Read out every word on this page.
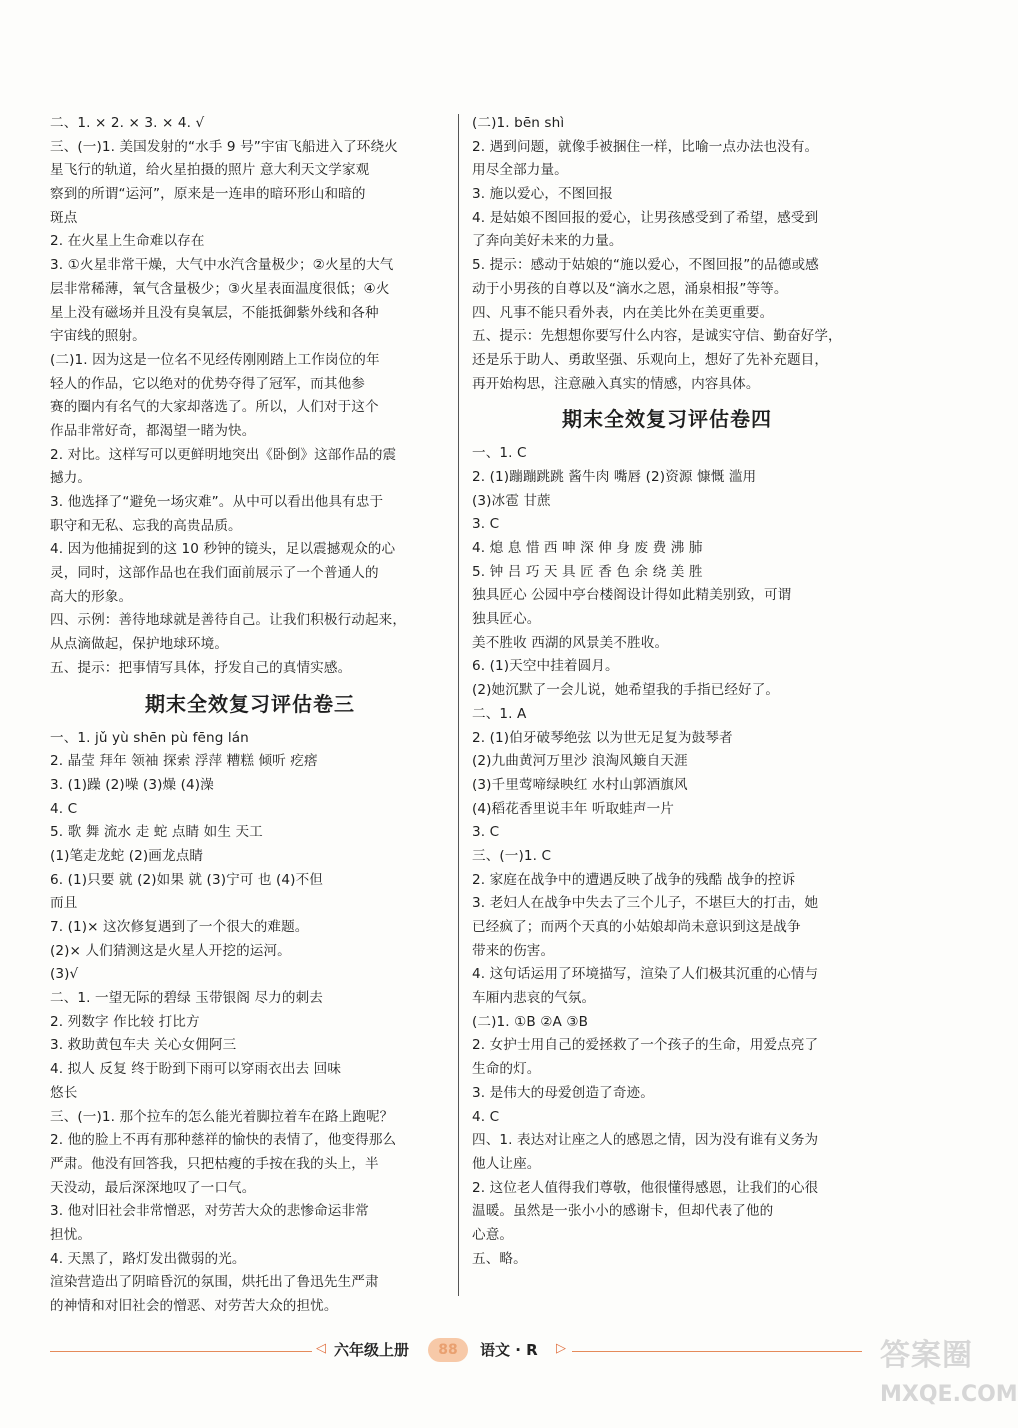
二、1. × 2. × 3. × 4. √
三、(一)1. 美国发射的“水手 9 号”宇宙飞船进入了环绕火
星飞行的轨道，给火星拍摄的照片 意大利天文学家观
察到的所谓“运河”，原来是一连串的暗环形山和暗的
斑点
2. 在火星上生命难以存在
3. ①火星非常干燥，大气中水汽含量极少；②火星的大气
层非常稀薄，氧气含量极少；③火星表面温度很低；④火
星上没有磁场并且没有臭氧层，不能抵御紫外线和各种
宇宙线的照射。
(二)1. 因为这是一位名不见经传刚刚踏上工作岗位的年
轻人的作品，它以绝对的优势夺得了冠军，而其他参
赛的圈内有名气的大家却落选了。所以，人们对于这个
作品非常好奇，都渴望一睹为快。
2. 对比。这样写可以更鲜明地突出《卧倒》这部作品的震
撼力。
3. 他选择了“避免一场灾难”。从中可以看出他具有忠于
职守和无私、忘我的高贵品质。
4. 因为他捕捉到的这 10 秒钟的镜头，足以震撼观众的心
灵，同时，这部作品也在我们面前展示了一个普通人的
高大的形象。
四、示例：善待地球就是善待自己。让我们积极行动起来，
从点滴做起，保护地球环境。
五、提示：把事情写具体，抒发自己的真情实感。
期末全效复习评估卷三
一、1. jǔ yù shēn pù fēng lán
2. 晶莹 拜年 领袖 探索 浮萍 糟糕 倾听 疙瘩
3. (1)躁 (2)噪 (3)燥 (4)澡
4. C
5. 歌 舞 流水 走 蛇 点睛 如生 天工
(1)笔走龙蛇 (2)画龙点睛
6. (1)只要 就 (2)如果 就 (3)宁可 也 (4)不但
而且
7. (1)× 这次修复遇到了一个很大的难题。
(2)× 人们猜测这是火星人开挖的运河。
(3)√
二、1. 一望无际的碧绿 玉带银阁 尽力的刺去
2. 列数字 作比较 打比方
3. 救助黄包车夫 关心女佣阿三
4. 拟人 反复 终于盼到下雨可以穿雨衣出去 回味
悠长
三、(一)1. 那个拉车的怎么能光着脚拉着车在路上跑呢？
2. 他的脸上不再有那种慈祥的愉快的表情了，他变得那么
严肃。他没有回答我，只把枯瘦的手按在我的头上，半
天没动，最后深深地叹了一口气。
3. 他对旧社会非常憎恶，对劳苦大众的悲惨命运非常
担忧。
4. 天黑了，路灯发出微弱的光。
渲染营造出了阴暗昏沉的氛围，烘托出了鲁迅先生严肃
的神情和对旧社会的憎恶、对劳苦大众的担忧。
(二)1. bēn shì
2. 遇到问题，就像手被捆住一样，比喻一点办法也没有。
用尽全部力量。
3. 施以爱心，不图回报
4. 是姑娘不图回报的爱心，让男孩感受到了希望，感受到
了奔向美好未来的力量。
5. 提示：感动于姑娘的“施以爱心，不图回报”的品德或感
动于小男孩的自尊以及“滴水之恩，涌泉相报”等等。
四、凡事不能只看外表，内在美比外在美更重要。
五、提示：先想想你要写什么内容，是诚实守信、勤奋好学，
还是乐于助人、勇敢坚强、乐观向上，想好了先补充题目，
再开始构思，注意融入真实的情感，内容具体。
期末全效复习评估卷四
一、1. C
2. (1)蹦蹦跳跳 酱牛肉 嘴唇 (2)资源 慷慨 滥用
(3)冰雹 甘蔗
3. C
4. 熄 息 惜 西 呻 深 伸 身 废 费 沸 肺
5. 钟 吕 巧 天 具 匠 香 色 余 绕 美 胜
独具匠心 公园中亭台楼阁设计得如此精美别致，可谓
独具匠心。
美不胜收 西湖的风景美不胜收。
6. (1)天空中挂着圆月。
(2)她沉默了一会儿说，她希望我的手指已经好了。
二、1. A
2. (1)伯牙破琴绝弦 以为世无足复为鼓琴者
(2)九曲黄河万里沙 浪淘风簸自天涯
(3)千里莺啼绿映红 水村山郭酒旗风
(4)稻花香里说丰年 听取蛙声一片
3. C
三、(一)1. C
2. 家庭在战争中的遭遇反映了战争的残酷 战争的控诉
3. 老妇人在战争中失去了三个儿子，不堪巨大的打击，她
已经疯了；而两个天真的小姑娘却尚未意识到这是战争
带来的伤害。
4. 这句话运用了环境描写，渲染了人们极其沉重的心情与
车厢内悲哀的气氛。
(二)1. ①B ②A ③B
2. 女护士用自己的爱拯救了一个孩子的生命，用爱点亮了
生命的灯。
3. 是伟大的母爱创造了奇迹。
4. C
四、1. 表达对让座之人的感恩之情，因为没有谁有义务为
他人让座。
2. 这位老人值得我们尊敬，他很懂得感恩，让我们的心很
温暖。虽然是一张小小的感谢卡，但却代表了他的
心意。
五、略。
◁ 六年级上册	88	语文 · R ▷	答案圈
MXQE.COM
